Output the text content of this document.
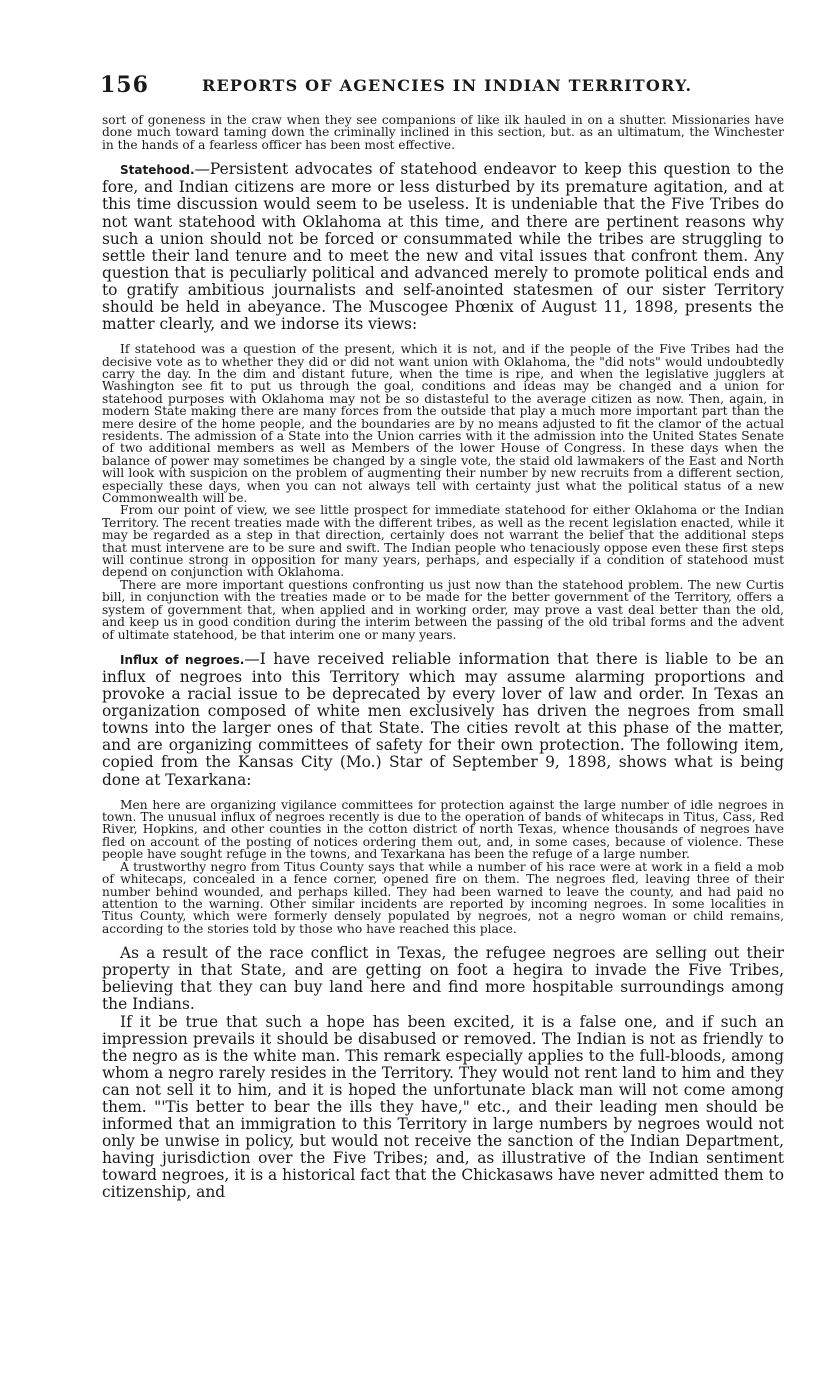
156	REPORTS OF AGENCIES IN INDIAN TERRITORY.

sort of goneness in the craw when they see companions of like ilk hauled in on a shutter. Missionaries have done much toward taming down the criminally inclined in this section, but. as an ultimatum, the Winchester in the hands of a fearless officer has been most effective.

Statehood.—Persistent advocates of statehood endeavor to keep this question to the fore, and Indian citizens are more or less disturbed by its premature agitation, and at this time discussion would seem to be useless. It is undeniable that the Five Tribes do not want statehood with Oklahoma at this time, and there are pertinent reasons why such a union should not be forced or consummated while the tribes are struggling to settle their land tenure and to meet the new and vital issues that confront them. Any question that is peculiarly political and advanced merely to promote political ends and to gratify ambitious journalists and self-anointed statesmen of our sister Territory should be held in abeyance. The Muscogee Phœnix of August 11, 1898, presents the matter clearly, and we indorse its views:

If statehood was a question of the present, which it is not, and if the people of the Five Tribes had the decisive vote as to whether they did or did not want union with Oklahoma, the "did nots" would undoubtedly carry the day. In the dim and distant future, when the time is ripe, and when the legislative jugglers at Washington see fit to put us through the goal, conditions and ideas may be changed and a union for statehood purposes with Oklahoma may not be so distasteful to the average citizen as now. Then, again, in modern State making there are many forces from the outside that play a much more important part than the mere desire of the home people, and the boundaries are by no means adjusted to fit the clamor of the actual residents. The admission of a State into the Union carries with it the admission into the United States Senate of two additional members as well as Members of the lower House of Congress. In these days when the balance of power may sometimes be changed by a single vote, the staid old lawmakers of the East and North will look with suspicion on the problem of augmenting their number by new recruits from a different section, especially these days, when you can not always tell with certainty just what the political status of a new Commonwealth will be.

From our point of view, we see little prospect for immediate statehood for either Oklahoma or the Indian Territory. The recent treaties made with the different tribes, as well as the recent legislation enacted, while it may be regarded as a step in that direction, certainly does not warrant the belief that the additional steps that must intervene are to be sure and swift. The Indian people who tenaciously oppose even these first steps will continue strong in opposition for many years, perhaps, and especially if a condition of statehood must depend on conjunction with Oklahoma.

There are more important questions confronting us just now than the statehood problem. The new Curtis bill, in conjunction with the treaties made or to be made for the better government of the Territory, offers a system of government that, when applied and in working order, may prove a vast deal better than the old, and keep us in good condition during the interim between the passing of the old tribal forms and the advent of ultimate statehood, be that interim one or many years.

Influx of negroes.—I have received reliable information that there is liable to be an influx of negroes into this Territory which may assume alarming proportions and provoke a racial issue to be deprecated by every lover of law and order. In Texas an organization composed of white men exclusively has driven the negroes from small towns into the larger ones of that State. The cities revolt at this phase of the matter, and are organizing committees of safety for their own protection. The following item, copied from the Kansas City (Mo.) Star of September 9, 1898, shows what is being done at Texarkana:

Men here are organizing vigilance committees for protection against the large number of idle negroes in town. The unusual influx of negroes recently is due to the operation of bands of whitecaps in Titus, Cass, Red River, Hopkins, and other counties in the cotton district of north Texas, whence thousands of negroes have fled on account of the posting of notices ordering them out, and, in some cases, because of violence. These people have sought refuge in the towns, and Texarkana has been the refuge of a large number.

A trustworthy negro from Titus County says that while a number of his race were at work in a field a mob of whitecaps, concealed in a fence corner, opened fire on them. The negroes fled, leaving three of their number behind wounded, and perhaps killed. They had been warned to leave the county, and had paid no attention to the warning. Other similar incidents are reported by incoming negroes. In some localities in Titus County, which were formerly densely populated by negroes, not a negro woman or child remains, according to the stories told by those who have reached this place.

As a result of the race conflict in Texas, the refugee negroes are selling out their property in that State, and are getting on foot a hegira to invade the Five Tribes, believing that they can buy land here and find more hospitable surroundings among the Indians.

If it be true that such a hope has been excited, it is a false one, and if such an impression prevails it should be disabused or removed. The Indian is not as friendly to the negro as is the white man. This remark especially applies to the full-bloods, among whom a negro rarely resides in the Territory. They would not rent land to him and they can not sell it to him, and it is hoped the unfortunate black man will not come among them. "'Tis better to bear the ills they have," etc., and their leading men should be informed that an immigration to this Territory in large numbers by negroes would not only be unwise in policy, but would not receive the sanction of the Indian Department, having jurisdiction over the Five Tribes; and, as illustrative of the Indian sentiment toward negroes, it is a historical fact that the Chickasaws have never admitted them to citizenship, and
